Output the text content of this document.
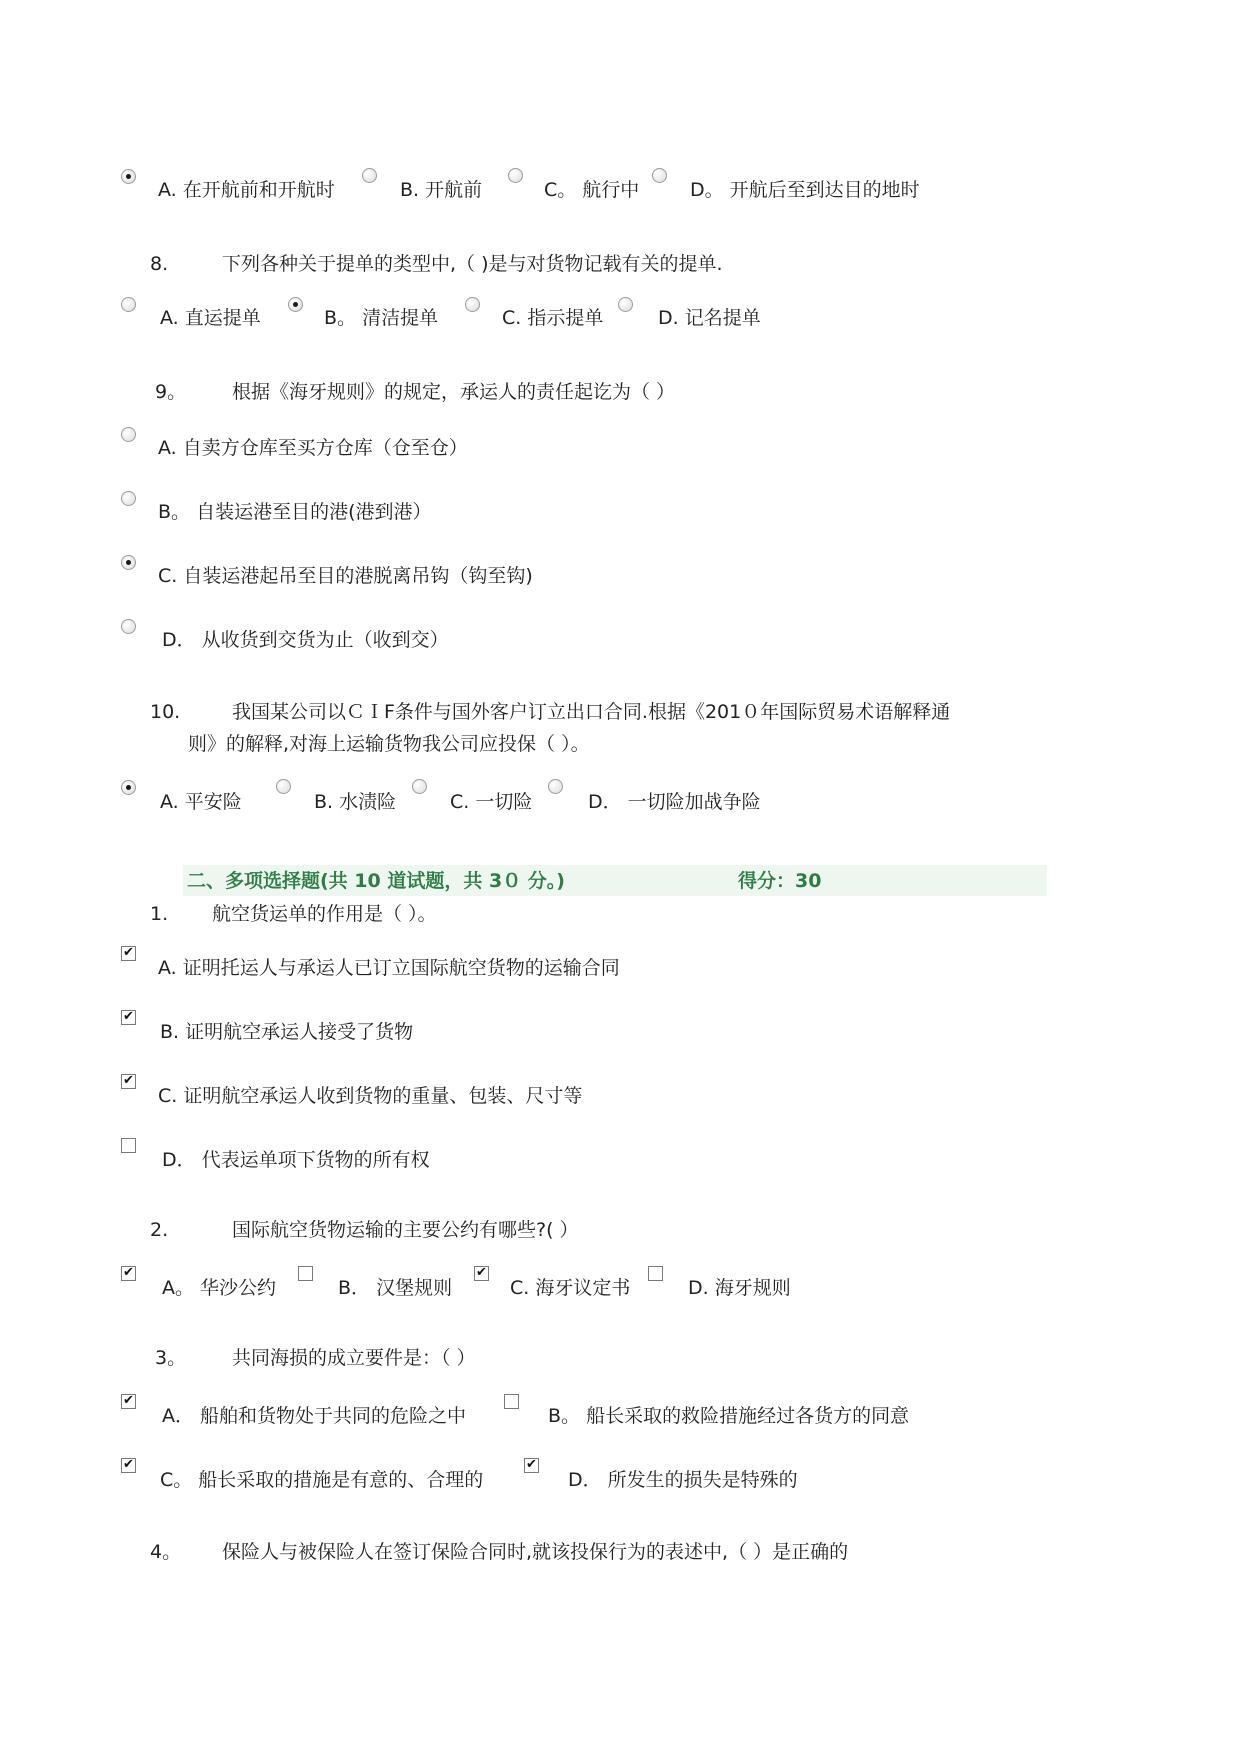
A. 在开航前和开航时	B. 开航前	C。 航行中	D。 开航后至到达目的地时
8.	下列各种关于提单的类型中,（ )是与对货物记载有关的提单.
A. 直运提单	B。 清洁提单	C. 指示提单	D. 记名提单
9。 根据《海牙规则》的规定，承运人的责任起讫为（ ）
A. 自卖方仓库至买方仓库（仓至仓）
B。 自装运港至目的港(港到港）
C. 自装运港起吊至目的港脱离吊钩（钩至钩)
D． 从收货到交货为止（收到交）
10.	我国某公司以ＣＩF条件与国外客户订立出口合同.根据《201０年国际贸易术语解释通
则》的解释,对海上运输货物我公司应投保（ ）。
A. 平安险	B. 水渍险	C. 一切险	D． 一切险加战争险
二、多项选择题(共 10 道试题，共 3０ 分。)	得分：30
1. 航空货运单的作用是（ ）。
✔
A. 证明托运人与承运人已订立国际航空货物的运输合同
✔
B. 证明航空承运人接受了货物
✔
C. 证明航空承运人收到货物的重量、包装、尺寸等
D． 代表运单项下货物的所有权
2.	国际航空货物运输的主要公约有哪些?( ）
✔
A。 华沙公约	B． 汉堡规则
✔
C. 海牙议定书	D. 海牙规则
3。 共同海损的成立要件是：（ ）
✔
A． 船舶和货物处于共同的危险之中	B。 船长采取的救险措施经过各货方的同意
✔
C。 船长采取的措施是有意的、合理的
✔
D． 所发生的损失是特殊的
4。 保险人与被保险人在签订保险合同时,就该投保行为的表述中,（ ）是正确的
